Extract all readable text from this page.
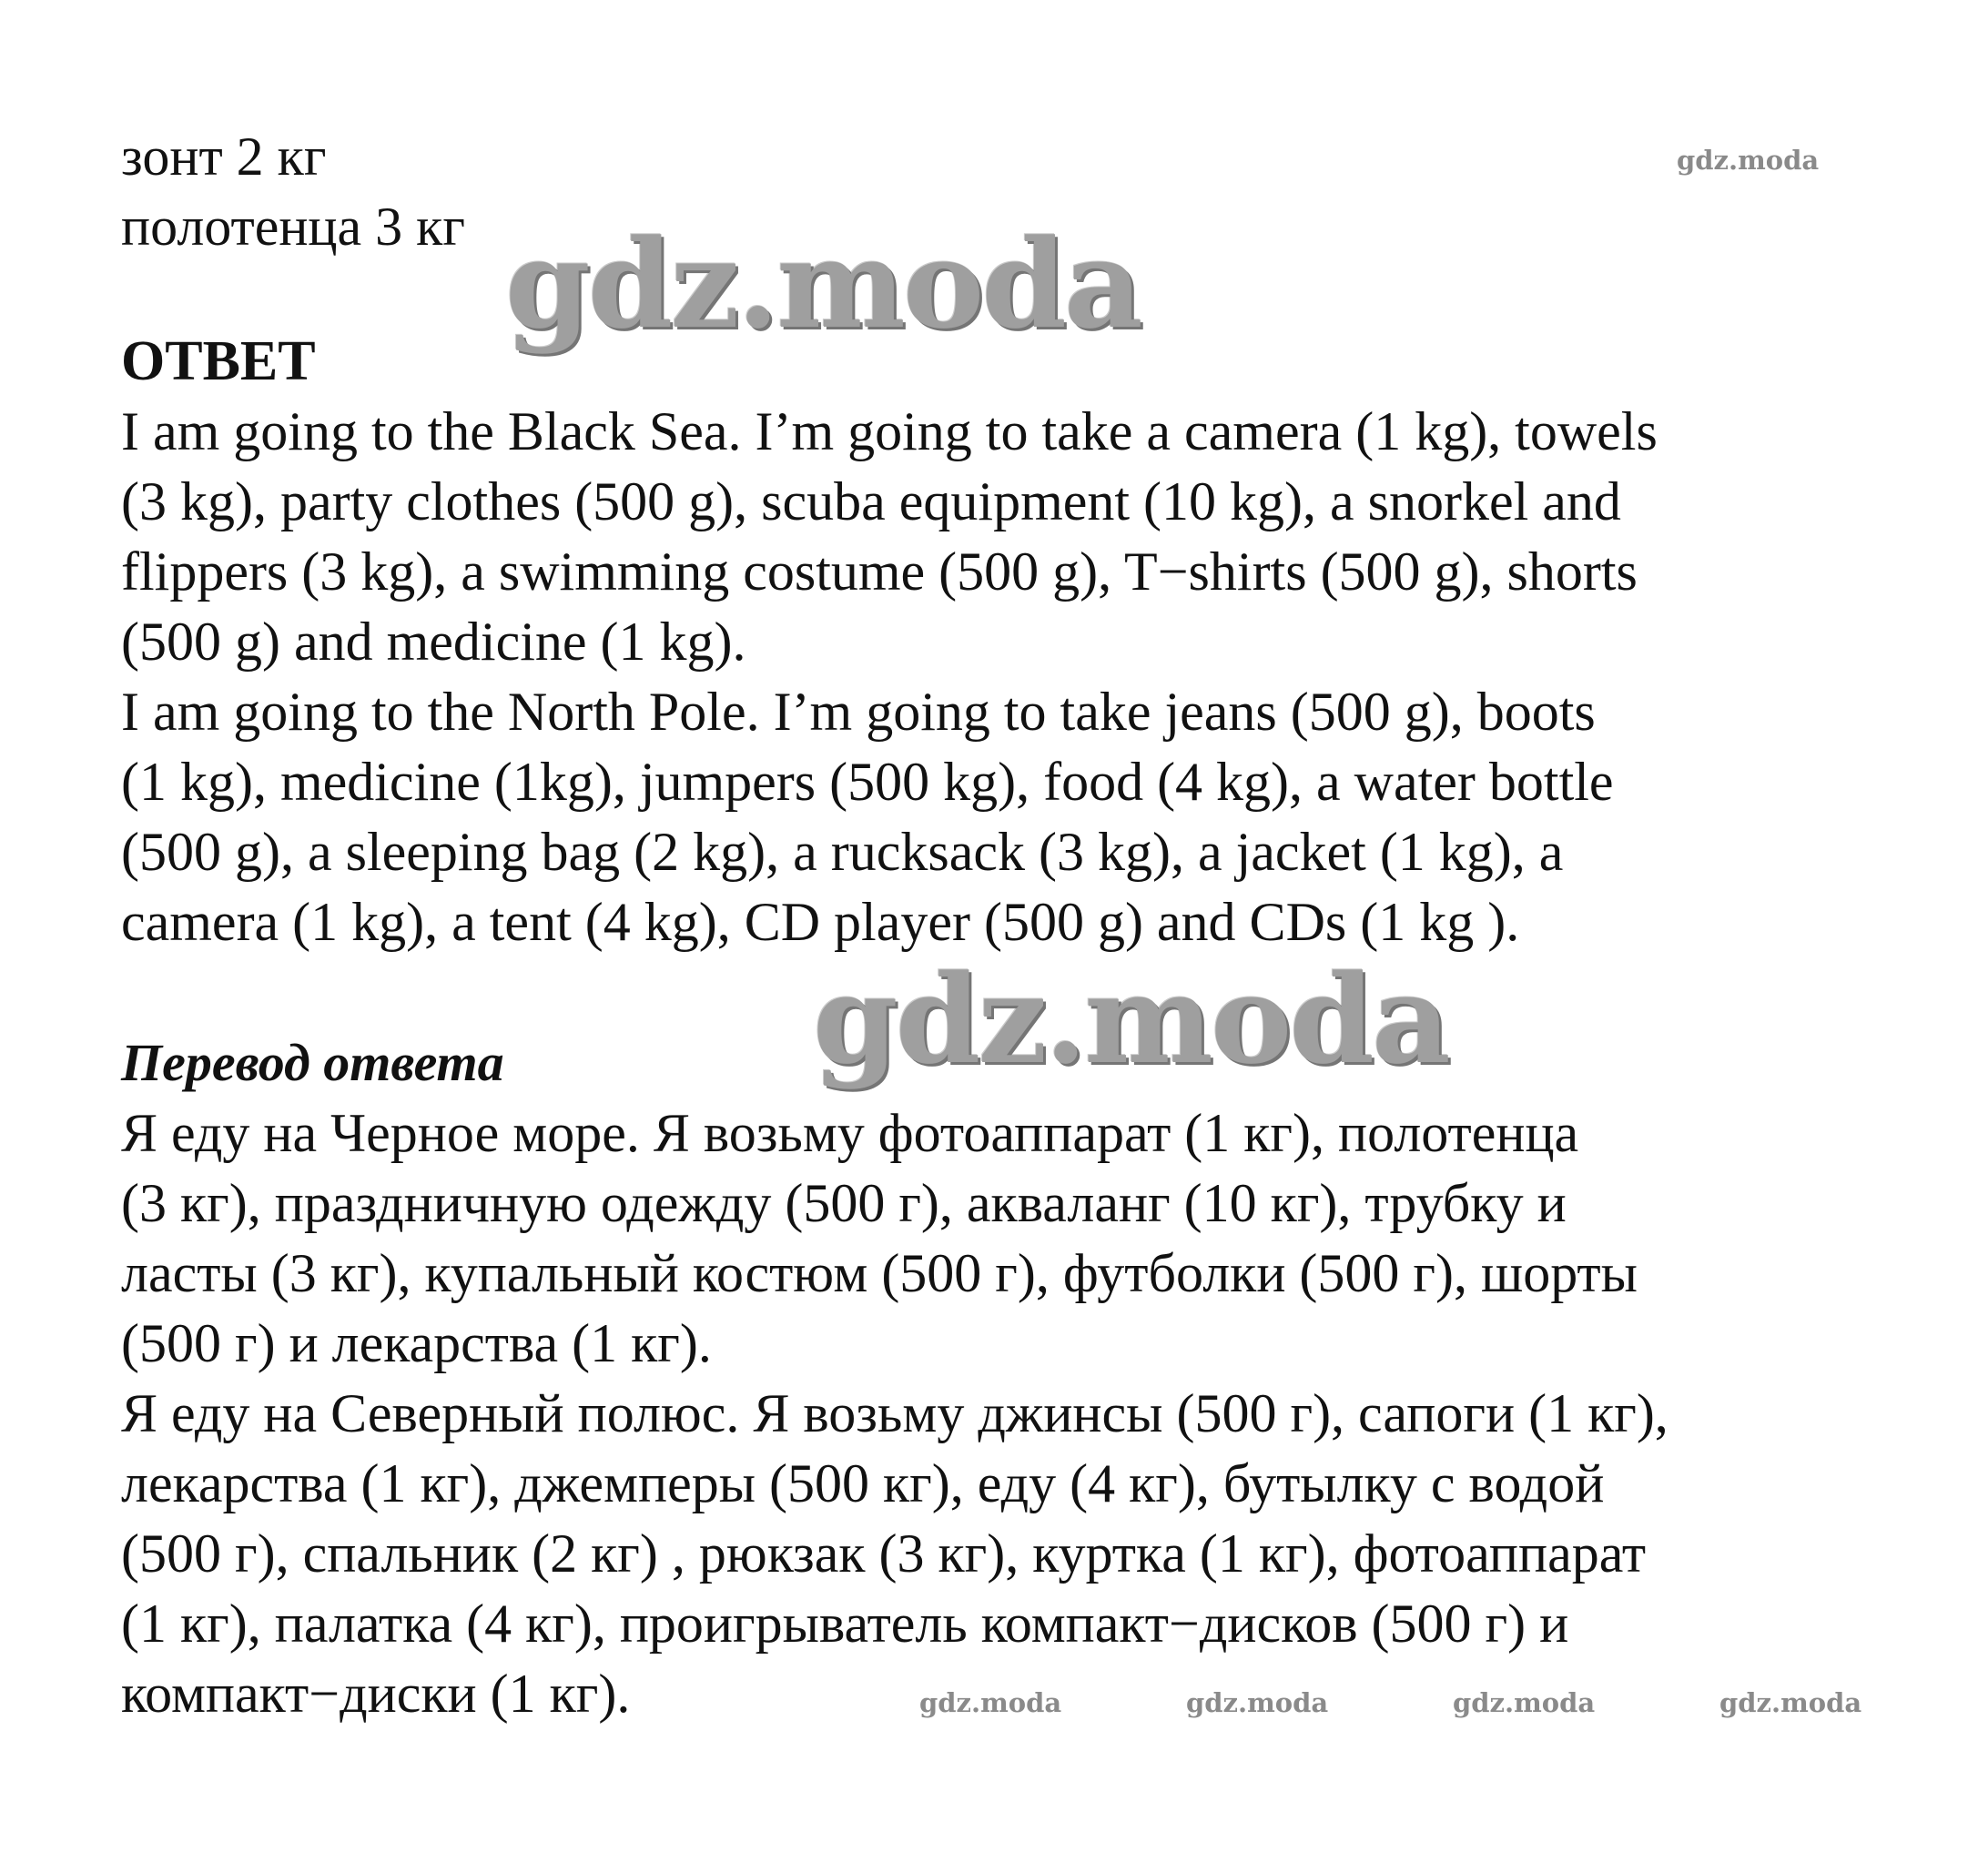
зонт 2 кг
полотенца 3 кг gdz.moda
gdz.moda
gdz.moda
gdz.moda	gdz.moda	gdz.moda	gdz.moda
ОТВЕТ
I am going to the Black Sea. I’m going to take a camera (1 kg), towels
(3 kg), party clothes (500 g), scuba equipment (10 kg), a snorkel and
flippers (3 kg), a swimming costume (500 g), T−shirts (500 g), shorts
(500 g) and medicine (1 kg).
I am going to the North Pole. I’m going to take jeans (500 g), boots
(1 kg), medicine (1kg), jumpers (500 kg), food (4 kg), a water bottle
(500 g), a sleeping bag (2 kg), a rucksack (3 kg), a jacket (1 kg), a
camera (1 kg), a tent (4 kg), CD player (500 g) and CDs (1 kg ).
Перевод ответа
Я еду на Черное море. Я возьму фотоаппарат (1 кг), полотенца
(3 кг), праздничную одежду (500 г), акваланг (10 кг), трубку и
ласты (3 кг), купальный костюм (500 г), футболки (500 г), шорты
(500 г) и лекарства (1 кг).
Я еду на Северный полюс. Я возьму джинсы (500 г), сапоги (1 кг),
лекарства (1 кг), джемперы (500 кг), еду (4 кг), бутылку с водой
(500 г), спальник (2 кг) , рюкзак (3 кг), куртка (1 кг), фотоаппарат
(1 кг), палатка (4 кг), проигрыватель компакт−дисков (500 г) и
компакт−диски (1 кг).
